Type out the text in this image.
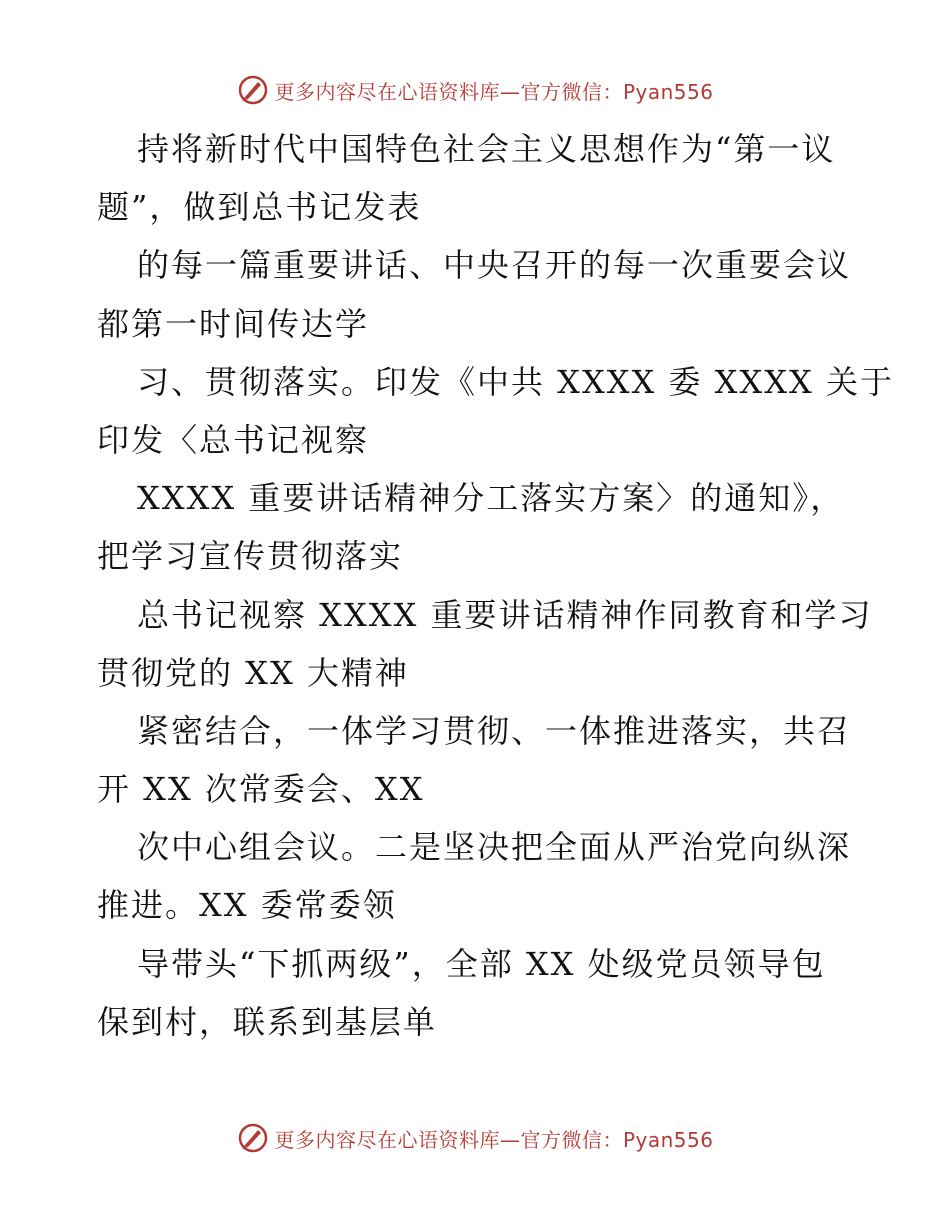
更多内容尽在心语资料库—官方微信：Pyan556
持将新时代中国特色社会主义思想作为“第一议
题”，做到总书记发表
的每一篇重要讲话、中央召开的每一次重要会议
都第一时间传达学
习、贯彻落实。印发《中共 XXXX 委 XXXX 关于
印发〈总书记视察
XXXX 重要讲话精神分工落实方案〉的通知》，
把学习宣传贯彻落实
总书记视察 XXXX 重要讲话精神作同教育和学习
贯彻党的 XX 大精神
紧密结合，一体学习贯彻、一体推进落实，共召
开 XX 次常委会、XX
次中心组会议。二是坚决把全面从严治党向纵深
推进。XX 委常委领
导带头“下抓两级”，全部 XX 处级党员领导包
保到村，联系到基层单
更多内容尽在心语资料库—官方微信：Pyan556
